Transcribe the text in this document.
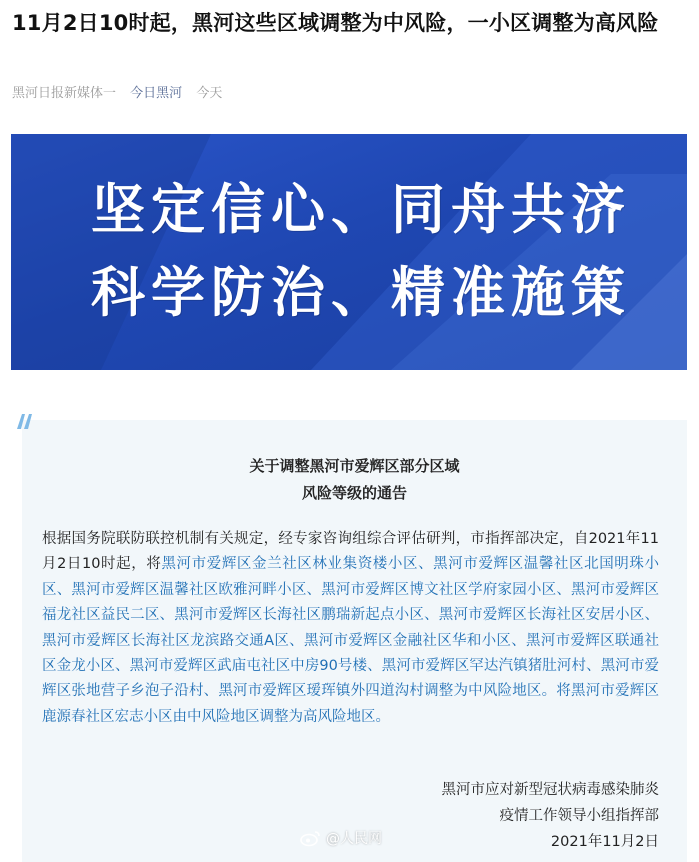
11月2日10时起，黑河这些区域调整为中风险，一小区调整为高风险
黑河日报新媒体一 今日黑河 今天
坚定信心、同舟共济
科学防治、精准施策
关于调整黑河市爱辉区部分区域
风险等级的通告
根据国务院联防联控机制有关规定，经专家咨询组综合评估研判，市指挥部决定，自2021年11月2日10时起，将黑河市爱辉区金兰社区林业集资楼小区、黑河市爱辉区温馨社区北国明珠小区、黑河市爱辉区温馨社区欧雅河畔小区、黑河市爱辉区博文社区学府家园小区、黑河市爱辉区福龙社区益民二区、黑河市爱辉区长海社区鹏瑞新起点小区、黑河市爱辉区长海社区安居小区、黑河市爱辉区长海社区龙滨路交通A区、黑河市爱辉区金融社区华和小区、黑河市爱辉区联通社区金龙小区、黑河市爱辉区武庙屯社区中房90号楼、黑河市爱辉区罕达汽镇猪肚河村、黑河市爱辉区张地营子乡泡子沿村、黑河市爱辉区瑷珲镇外四道沟村调整为中风险地区。将黑河市爱辉区鹿源春社区宏志小区由中风险地区调整为高风险地区。
黑河市应对新型冠状病毒感染肺炎
疫情工作领导小组指挥部
2021年11月2日
@人民网
